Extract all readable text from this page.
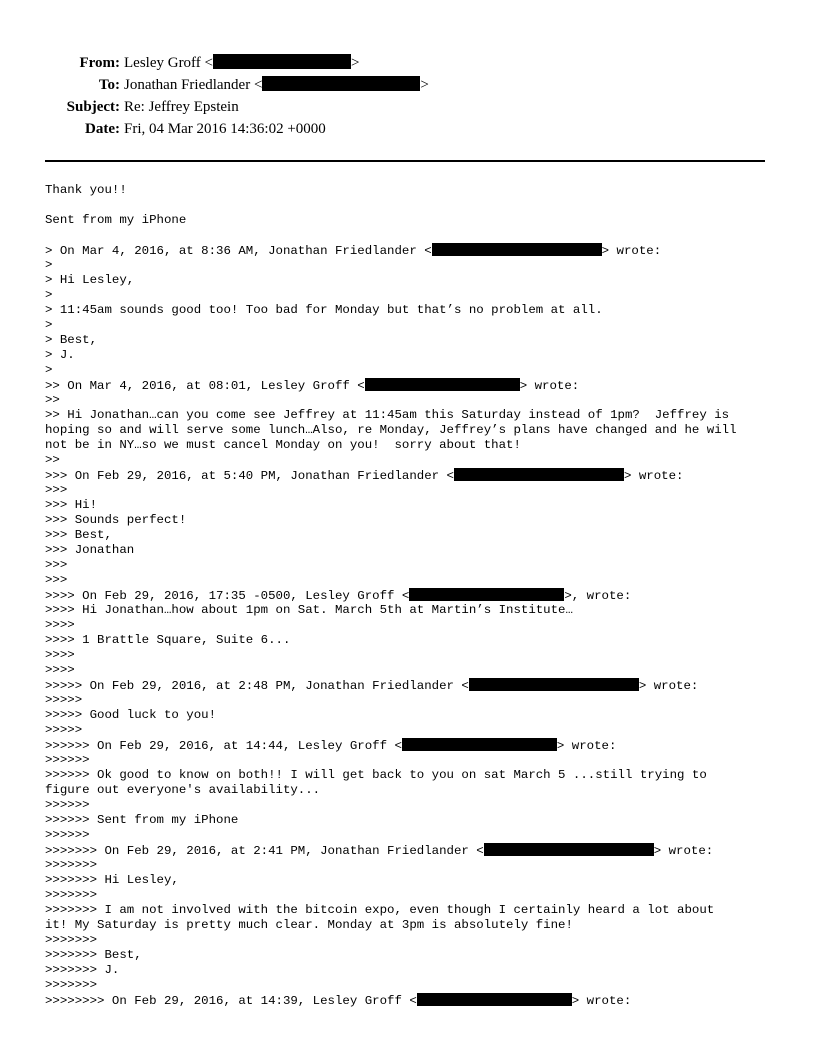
From: Lesley Groff <	>
To: Jonathan Friedlander <	>
Subject: Re: Jeffrey Epstein
Date: Fri, 04 Mar 2016 14:36:02 +0000
Thank you!!
Sent from my iPhone
> On Mar 4, 2016, at 8:36 AM, Jonathan Friedlander <	> wrote:
>
> Hi Lesley,
>
> 11:45am sounds good too! Too bad for Monday but that’s no problem at all.
>
> Best,
> J.
>
>> On Mar 4, 2016, at 08:01, Lesley Groff <	> wrote:
>>
>> Hi Jonathan…can you come see Jeffrey at 11:45am this Saturday instead of 1pm?  Jeffrey is
hoping so and will serve some lunch…Also, re Monday, Jeffrey’s plans have changed and he will
not be in NY…so we must cancel Monday on you!  sorry about that!
>>
>>> On Feb 29, 2016, at 5:40 PM, Jonathan Friedlander <	> wrote:
>>>
>>> Hi!
>>> Sounds perfect!
>>> Best,
>>> Jonathan
>>>
>>>
>>>> On Feb 29, 2016, 17:35 -0500, Lesley Groff <	>, wrote:
>>>> Hi Jonathan…how about 1pm on Sat. March 5th at Martin’s Institute…
>>>>
>>>> 1 Brattle Square, Suite 6...
>>>>
>>>>
>>>>> On Feb 29, 2016, at 2:48 PM, Jonathan Friedlander <	> wrote:
>>>>>
>>>>> Good luck to you!
>>>>>
>>>>>> On Feb 29, 2016, at 14:44, Lesley Groff <	> wrote:
>>>>>>
>>>>>> Ok good to know on both!! I will get back to you on sat March 5 ...still trying to
figure out everyone's availability...
>>>>>>
>>>>>> Sent from my iPhone
>>>>>>
>>>>>>> On Feb 29, 2016, at 2:41 PM, Jonathan Friedlander <	> wrote:
>>>>>>>
>>>>>>> Hi Lesley,
>>>>>>>
>>>>>>> I am not involved with the bitcoin expo, even though I certainly heard a lot about
it! My Saturday is pretty much clear. Monday at 3pm is absolutely fine!
>>>>>>>
>>>>>>> Best,
>>>>>>> J.
>>>>>>>
>>>>>>>> On Feb 29, 2016, at 14:39, Lesley Groff <	> wrote:
